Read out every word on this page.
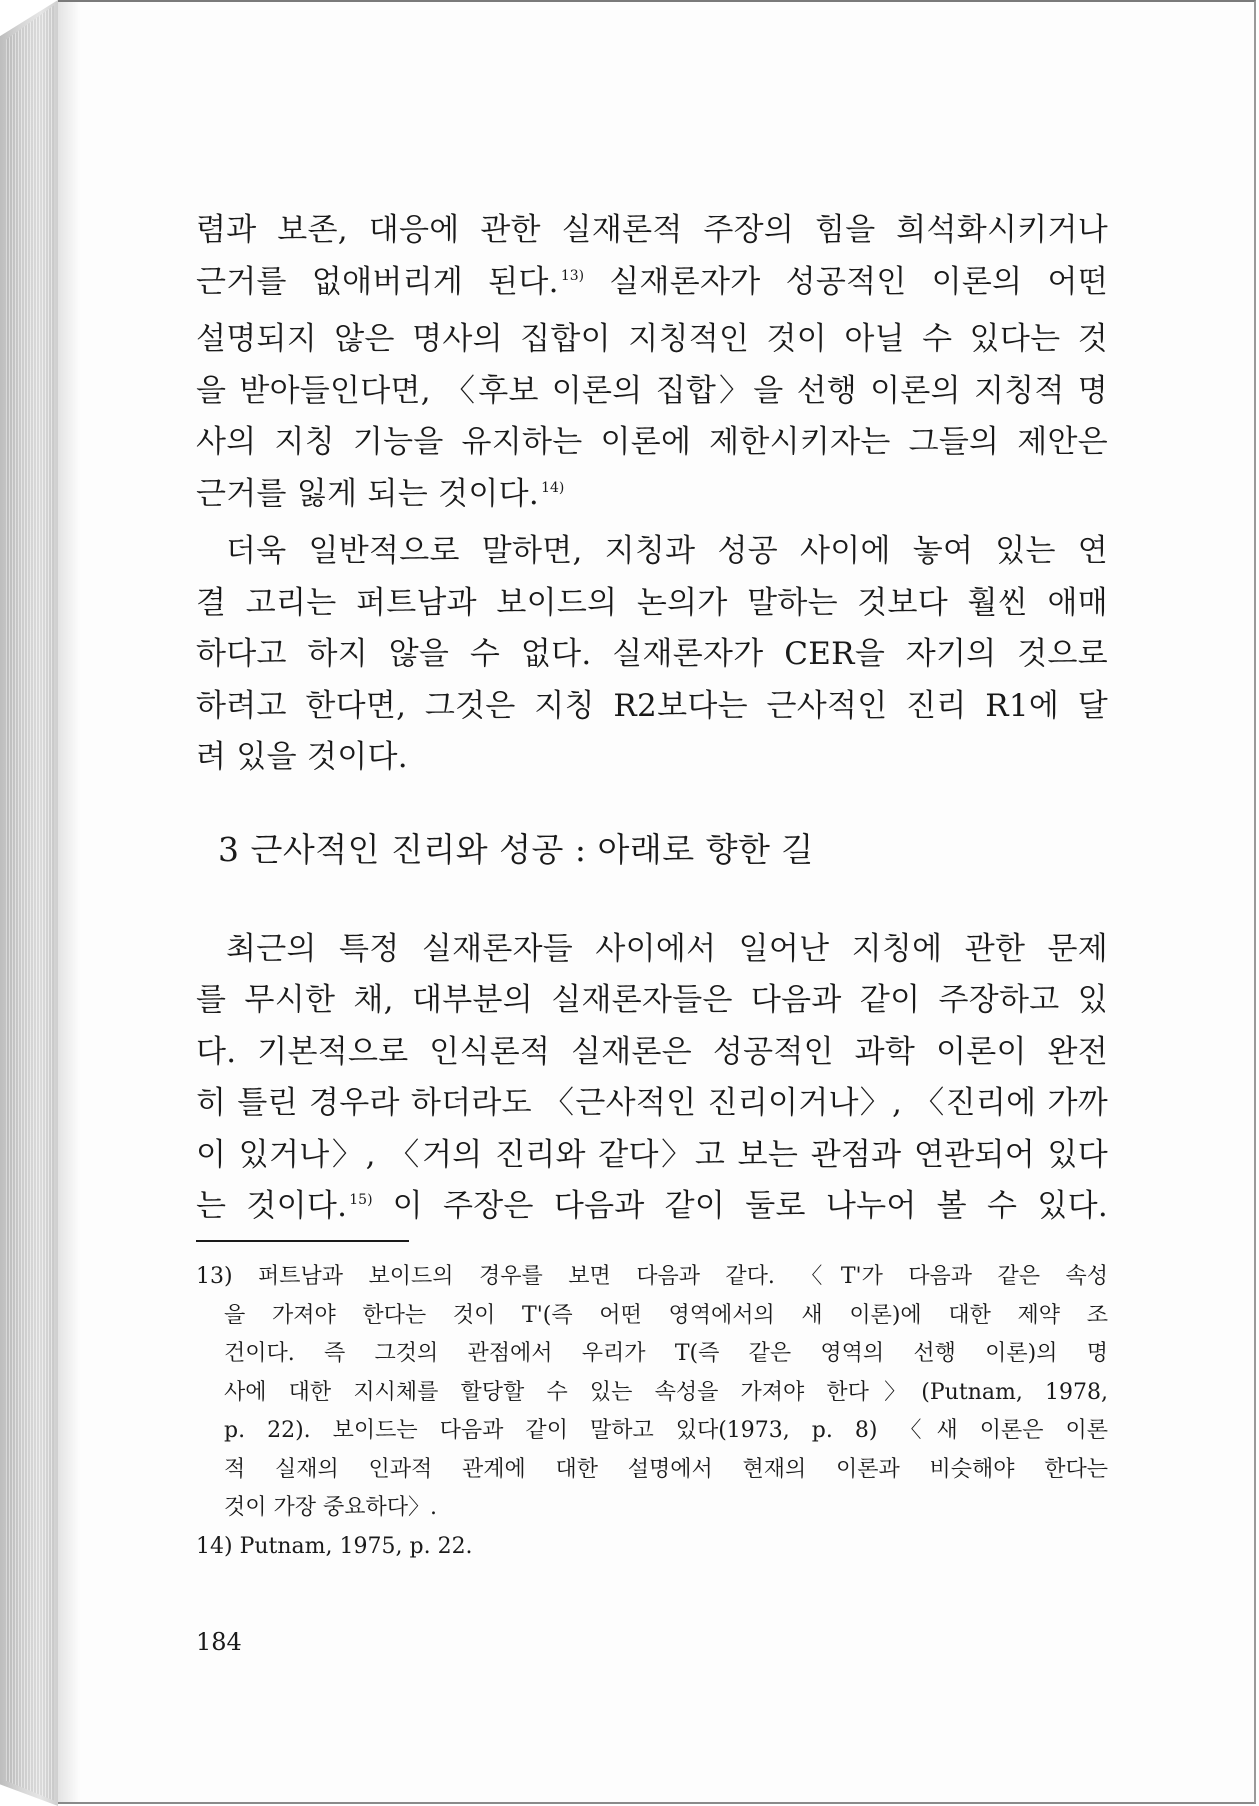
렴과 보존, 대응에 관한 실재론적 주장의 힘을 희석화시키거나
근거를 없애버리게 된다. $^{13)}$ 실재론자가 성공적인 이론의 어떤
설명되지 않은 명사의 집합이 지칭적인 것이 아닐 수 있다는 것
을 받아들인다면, 〈후보 이론의 집합〉을 선행 이론의 지칭적 명
사의 지칭 기능을 유지하는 이론에 제한시키자는 그들의 제안은
근거를 잃게 되는 것이다. $^{14)}$
더욱 일반적으로 말하면, 지칭과 성공 사이에 놓여 있는 연
결 고리는 퍼트남과 보이드의 논의가 말하는 것보다 훨씬 애매
하다고 하지 않을 수 없다. 실재론자가 CER을 자기의 것으로
하려고 한다면, 그것은 지칭 R2보다는 근사적인 진리 R1에 달
려 있을 것이다.
3 근사적인 진리와 성공 : 아래로 향한 길
최근의 특정 실재론자들 사이에서 일어난 지칭에 관한 문제
를 무시한 채, 대부분의 실재론자들은 다음과 같이 주장하고 있
다. 기본적으로 인식론적 실재론은 성공적인 과학 이론이 완전
히 틀린 경우라 하더라도 〈근사적인 진리이거나〉, 〈진리에 가까
이 있거나〉, 〈거의 진리와 같다〉고 보는 관점과 연관되어 있다
는 것이다. $^{15)}$ 이 주장은 다음과 같이 둘로 나누어 볼 수 있다.
13) 퍼트남과 보이드의 경우를 보면 다음과 같다. 〈T'가 다음과 같은 속성
을 가져야 한다는 것이 T'(즉 어떤 영역에서의 새 이론)에 대한 제약 조
건이다. 즉 그것의 관점에서 우리가 T(즉 같은 영역의 선행 이론)의 명
사에 대한 지시체를 할당할 수 있는 속성을 가져야 한다〉(Putnam, 1978,
p. 22). 보이드는 다음과 같이 말하고 있다(1973, p. 8) 〈새 이론은 이론
적 실재의 인과적 관계에 대한 설명에서 현재의 이론과 비슷해야 한다는
것이 가장 중요하다〉.
14) Putnam, 1975, p. 22.
184
